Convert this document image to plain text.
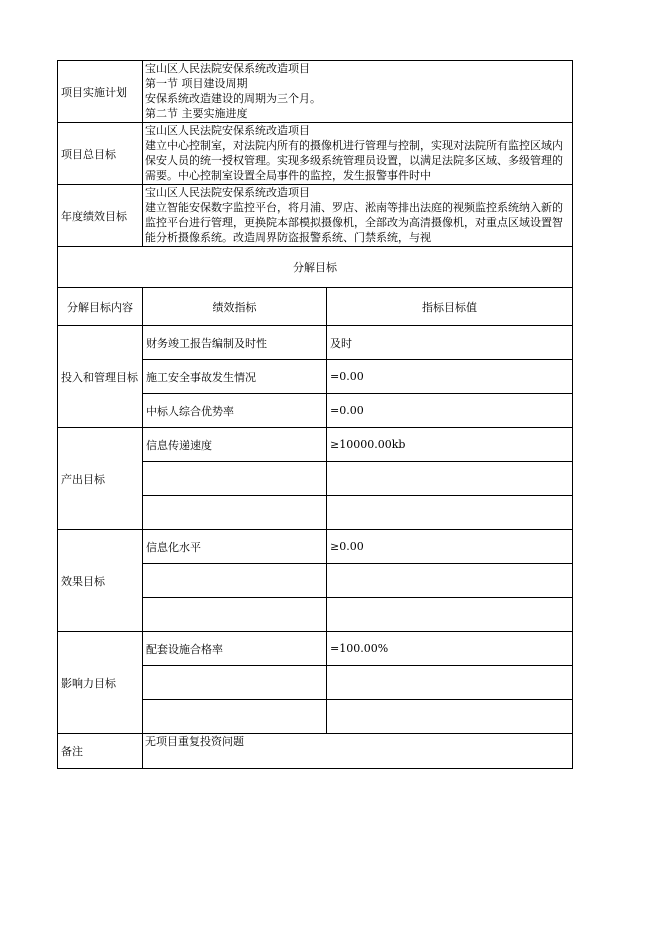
项目实施计划	宝山区人民法院安保系统改造项目
第一节 项目建设周期
安保系统改造建设的周期为三个月。
第二节 主要实施进度	

项目总目标	宝山区人民法院安保系统改造项目
建立中心控制室，对法院内所有的摄像机进行管理与控制，实现对法院所有监控区域内保安人员的统一授权管理。实现多级系统管理员设置，以满足法院多区域、多级管理的需要。中心控制室设置全局事件的监控，发生报警事件时中	

年度绩效目标	宝山区人民法院安保系统改造项目
建立智能安保数字监控平台，将月浦、罗店、淞南等排出法庭的视频监控系统纳入新的监控平台进行管理，更换院本部模拟摄像机，全部改为高清摄像机，对重点区域设置智能分析摄像系统。改造周界防盗报警系统、门禁系统，与视	

分解目标		
分解目标内容	绩效指标	指标目标值
投入和管理目标	财务竣工报告编制及时性	及时
	施工安全事故发生情况	=0.00
	中标人综合优势率	=0.00
产出目标	信息传递速度	≥10000.00kb

效果目标	信息化水平	≥0.00

影响力目标	配套设施合格率	=100.00%

备注	无项目重复投资问题	
